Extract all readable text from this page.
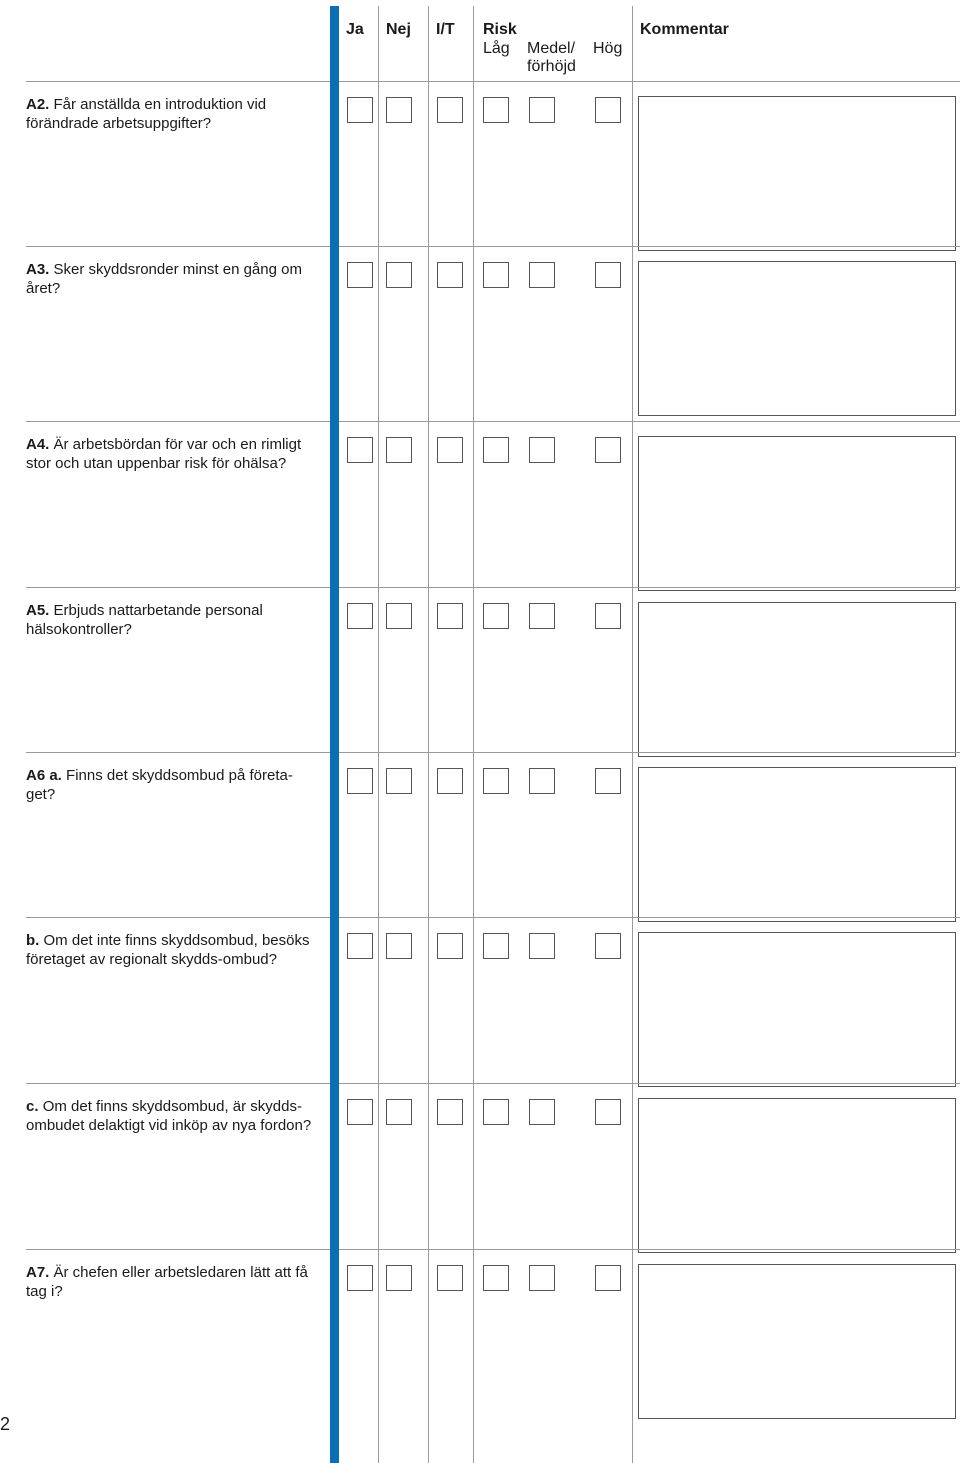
Ja Nej I/T Risk
Låg Medel/
förhöjd
Hög
Kommentar
A2. Får anställda en introduktion vid förändrade arbetsuppgifter?
A3. Sker skyddsronder minst en gång om året?
A4. Är arbetsbördan för var och en rimligt stor och utan uppenbar risk för ohälsa?
A5. Erbjuds nattarbetande personal hälsokontroller?
A6 a. Finns det skyddsombud på företa-get?
b. Om det inte finns skyddsombud, besöks företaget av regionalt skydds-ombud?
c. Om det finns skyddsombud, är skydds-ombudet delaktigt vid inköp av nya fordon?
A7. Är chefen eller arbetsledaren lätt att få tag i?
2
